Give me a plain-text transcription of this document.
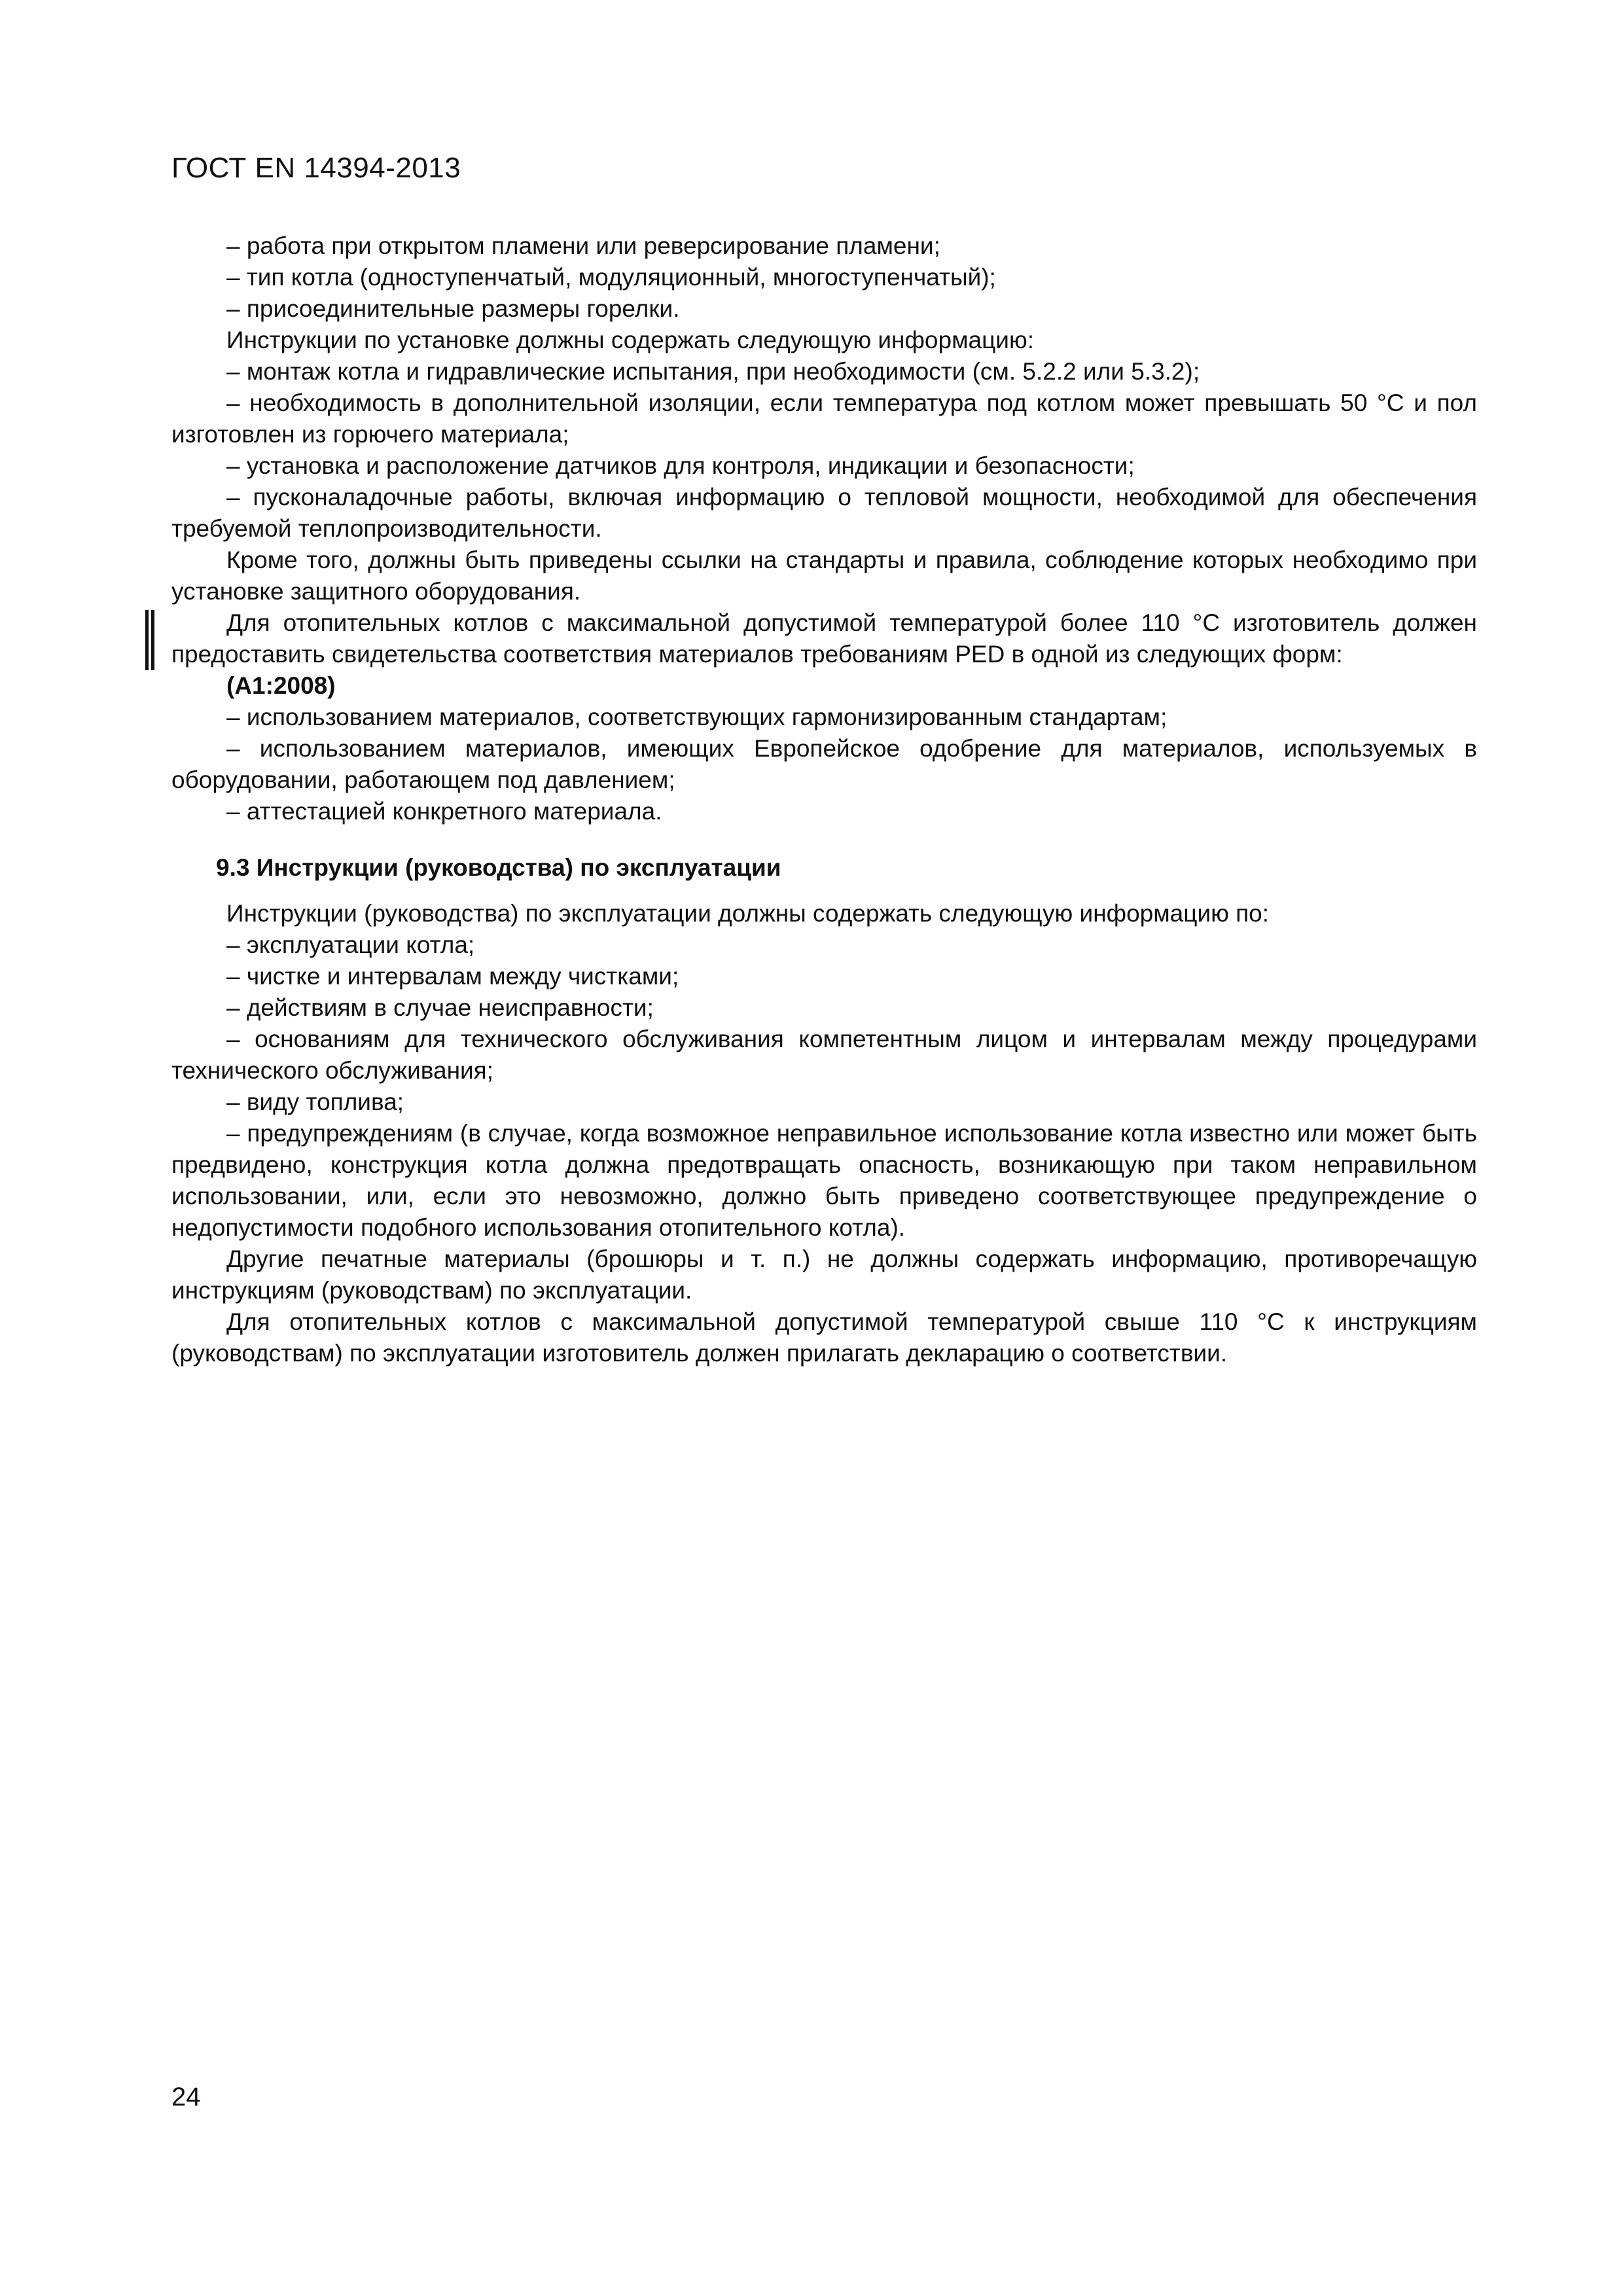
ГОСТ EN 14394-2013

– работа при открытом пламени или реверсирование пламени;

– тип котла (одноступенчатый, модуляционный, многоступенчатый);

– присоединительные размеры горелки.

Инструкции по установке должны содержать следующую информацию:

– монтаж котла и гидравлические испытания, при необходимости (см. 5.2.2 или 5.3.2);

– необходимость в дополнительной изоляции, если температура под котлом может превышать 50 °С и пол изготовлен из горючего материала;

– установка и расположение датчиков для контроля, индикации и безопасности;

– пусконаладочные работы, включая информацию о тепловой мощности, необходимой для обеспечения требуемой теплопроизводительности.

Кроме того, должны быть приведены ссылки на стандарты и правила, соблюдение которых необходимо при установке защитного оборудования.

Для отопительных котлов с максимальной допустимой температурой более 110 °С изготовитель должен предоставить свидетельства соответствия материалов требованиям PED в одной из следующих форм:

(A1:2008)

– использованием материалов, соответствующих гармонизированным стандартам;

– использованием материалов, имеющих Европейское одобрение для материалов, используемых в оборудовании, работающем под давлением;

– аттестацией конкретного материала.

9.3 Инструкции (руководства) по эксплуатации

Инструкции (руководства) по эксплуатации должны содержать следующую информацию по:

– эксплуатации котла;

– чистке и интервалам между чистками;

– действиям в случае неисправности;

– основаниям для технического обслуживания компетентным лицом и интервалам между процедурами технического обслуживания;

– виду топлива;

– предупреждениям (в случае, когда возможное неправильное использование котла известно или может быть предвидено, конструкция котла должна предотвращать опасность, возникающую при таком неправильном использовании, или, если это невозможно, должно быть приведено соответствующее предупреждение о недопустимости подобного использования отопительного котла).

Другие печатные материалы (брошюры и т. п.) не должны содержать информацию, противоречащую инструкциям (руководствам) по эксплуатации.

Для отопительных котлов с максимальной допустимой температурой свыше 110 °С к инструкциям (руководствам) по эксплуатации изготовитель должен прилагать декларацию о соответствии.

24
